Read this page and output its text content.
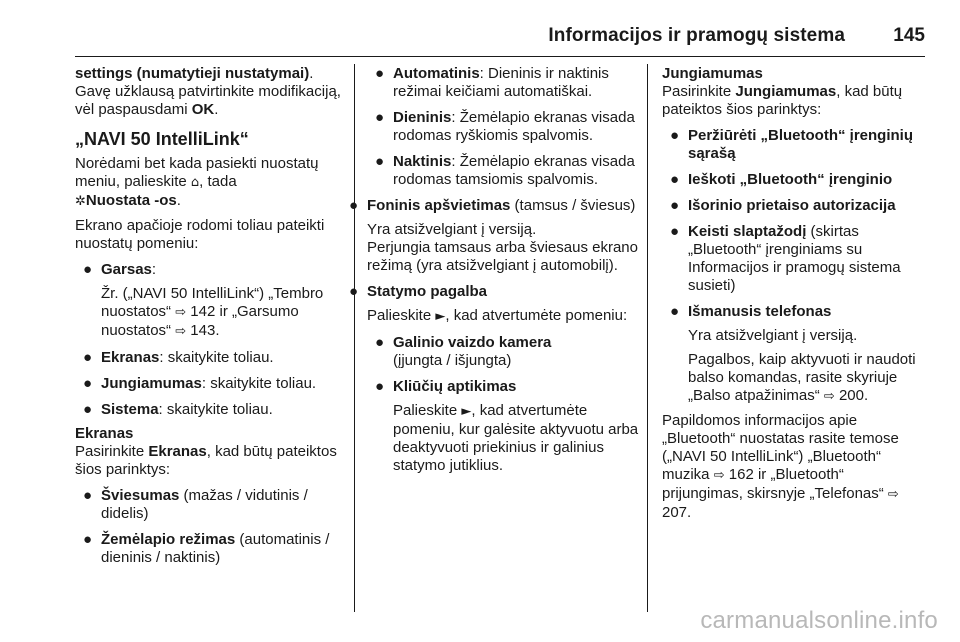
Informacijos ir pramogų sistema	145

settings (numatytieji nustatymai).
Gavę užklausą patvirtinkite modifikaciją, vėl paspausdami OK.

„NAVI 50 IntelliLink“

Norėdami bet kada pasiekti nuostatų meniu, palieskite ⌂, tada
✲Nuostata -os.

Ekrano apačioje rodomi toliau pateikti nuostatų pomeniu:

● Garsas:

Žr. („NAVI 50 IntelliLink“) „Tembro nuostatos“ ⇨ 142 ir „Garsumo nuostatos“ ⇨ 143.

● Ekranas: skaitykite toliau.
● Jungiamumas: skaitykite toliau.
● Sistema: skaitykite toliau.
Ekranas

Pasirinkite Ekranas, kad būtų pateiktos šios parinktys:

● Šviesumas (mažas / vidutinis / didelis)
● Žemėlapio režimas (automatinis / dieninis / naktinis)
● Automatinis: Dieninis ir naktinis režimai keičiami automatiškai.
● Dieninis: Žemėlapio ekranas visada rodomas ryškiomis spalvomis.
● Naktinis: Žemėlapio ekranas visada rodomas tamsiomis spalvomis.
● Foninis apšvietimas (tamsus / šviesus)

Yra atsižvelgiant į versiją.

Perjungia tamsaus arba šviesaus ekrano režimą (yra atsižvelgiant į automobilį).

● Statymo pagalba

Palieskite ►, kad atvertumėte pomeniu:

● Galinio vaizdo kamera
(įjungta / išjungta)
● Kliūčių aptikimas

Palieskite ►, kad atvertumėte pomeniu, kur galėsite aktyvuotu arba deaktyvuoti priekinius ir galinius statymo jutiklius.

Jungiamumas

Pasirinkite Jungiamumas, kad būtų pateiktos šios parinktys:

● Peržiūrėti „Bluetooth“ įrenginių sąrašą
● Ieškoti „Bluetooth“ įrenginio
● Išorinio prietaiso autorizacija
● Keisti slaptažodį (skirtas „Bluetooth“ įrenginiams su Informacijos ir pramogų sistema susieti)
● Išmanusis telefonas

Yra atsižvelgiant į versiją.

Pagalbos, kaip aktyvuoti ir naudoti balso komandas, rasite skyriuje „Balso atpažinimas“ ⇨ 200.

Papildomos informacijos apie „Bluetooth“ nuostatas rasite temose („NAVI 50 IntelliLink“) „Bluetooth“ muzika ⇨ 162 ir „Bluetooth“ prijungimas, skirsnyje „Telefonas“ ⇨ 207.

carmanualsonline.info
